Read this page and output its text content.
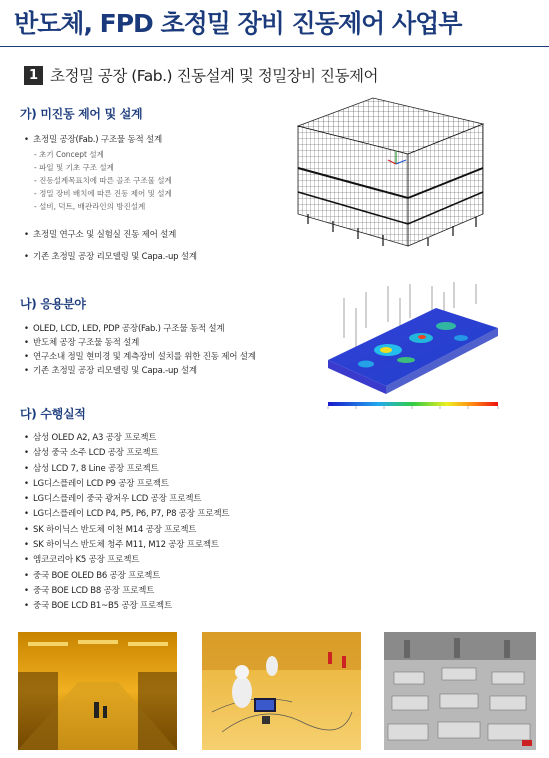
반도체, FPD 초정밀 장비 진동제어 사업부
1 초정밀 공장 (Fab.) 진동설계 및 정밀장비 진동제어
가) 미진동 제어 및 설계
• 초정밀 공장(Fab.) 구조물 동적 설계
- 초기 Concept 설계
- 파일 및 기초 구조 설계
- 진동설계목표치에 따른 골조 구조물 설계
- 정밀 장비 배치에 따른 진동 제어 및 설계
- 설비, 덕트, 배관라인의 방진설계
• 초정밀 연구소 및 실험실 진동 제어 설계
• 기존 초정밀 공장 리모델링 및 Capa.-up 설계
나) 응용분야
• OLED, LCD, LED, PDP 공장(Fab.) 구조물 동적 설계
• 반도체 공장 구조물 동적 설계
• 연구소내 정밀 현미경 및 계측장비 설치를 위한 진동 제어 설계
• 기존 초정밀 공장 리모델링 및 Capa.-up 설계
다) 수행실적
• 삼성 OLED A2, A3 공장 프로젝트
• 삼성 중국 소주 LCD 공장 프로젝트
• 삼성 LCD 7, 8 Line 공장 프로젝트
• LG디스플레이 LCD P9 공장 프로젝트
• LG디스플레이 중국 광저우 LCD 공장 프로젝트
• LG디스플레이 LCD P4, P5, P6, P7, P8 공장 프로젝트
• SK 하이닉스 반도체 이천 M14 공장 프로젝트
• SK 하이닉스 반도체 청주 M11, M12 공장 프로젝트
• 엠코코리아 K5 공장 프로젝트
• 중국 BOE OLED B6 공장 프로젝트
• 중국 BOE LCD B8 공장 프로젝트
• 중국 BOE LCD B1~B5 공장 프로젝트
